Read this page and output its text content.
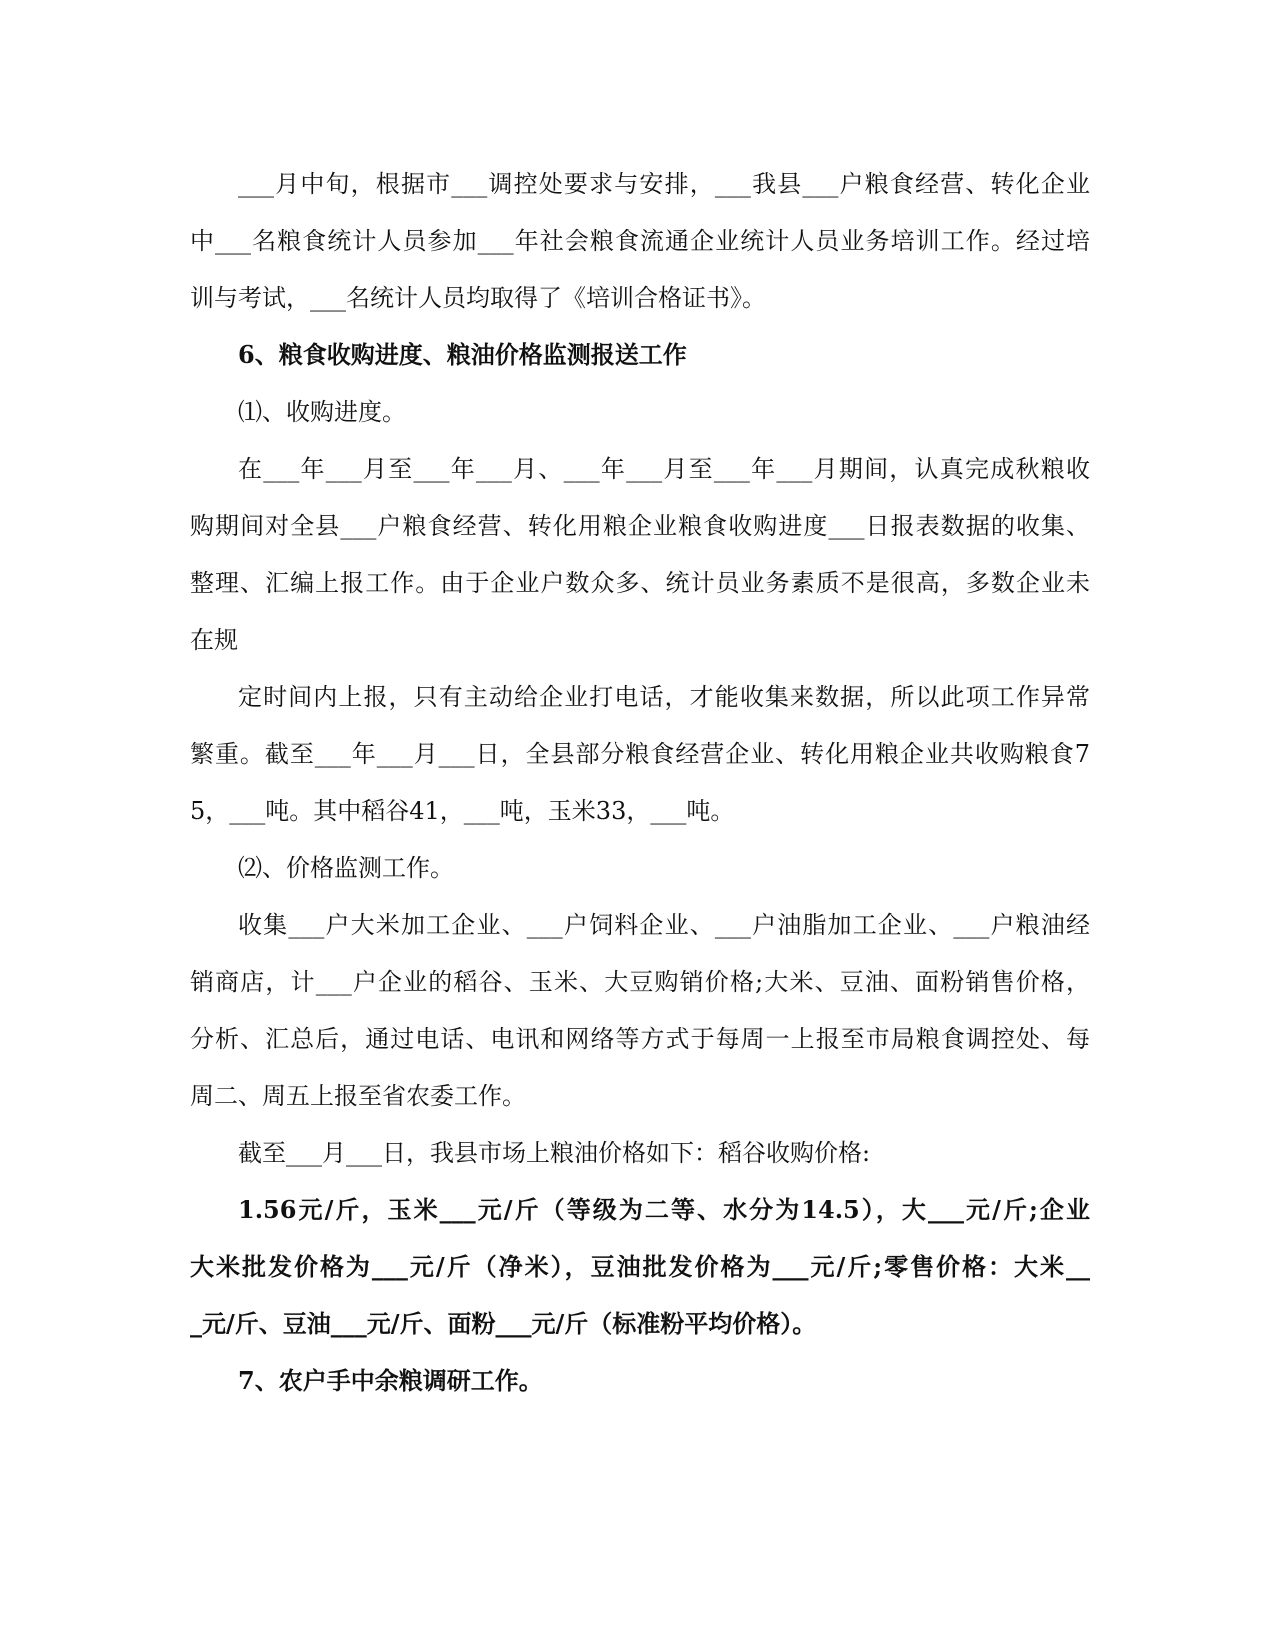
___月中旬，根据市___调控处要求与安排，___我县___户粮食经营、转化企业
中___名粮食统计人员参加___年社会粮食流通企业统计人员业务培训工作。经过培
训与考试，___名统计人员均取得了《培训合格证书》。
6、粮食收购进度、粮油价格监测报送工作
⑴、收购进度。
在___年___月至___年___月、___年___月至___年___月期间，认真完成秋粮收
购期间对全县___户粮食经营、转化用粮企业粮食收购进度___日报表数据的收集、
整理、汇编上报工作。由于企业户数众多、统计员业务素质不是很高，多数企业未
在规
定时间内上报，只有主动给企业打电话，才能收集来数据，所以此项工作异常
繁重。截至___年___月___日，全县部分粮食经营企业、转化用粮企业共收购粮食7
5，___吨。其中稻谷41，___吨，玉米33，___吨。
⑵、价格监测工作。
收集___户大米加工企业、___户饲料企业、___户油脂加工企业、___户粮油经
销商店，计___户企业的稻谷、玉米、大豆购销价格;大米、豆油、面粉销售价格，
分析、汇总后，通过电话、电讯和网络等方式于每周一上报至市局粮食调控处、每
周二、周五上报至省农委工作。
截至___月___日，我县市场上粮油价格如下：稻谷收购价格:
1.56元/斤，玉米___元/斤（等级为二等、水分为14.5），大___元/斤;企业
大米批发价格为___元/斤（净米），豆油批发价格为___元/斤;零售价格：大米__
_元/斤、豆油___元/斤、面粉___元/斤（标准粉平均价格）。
7、农户手中余粮调研工作。
